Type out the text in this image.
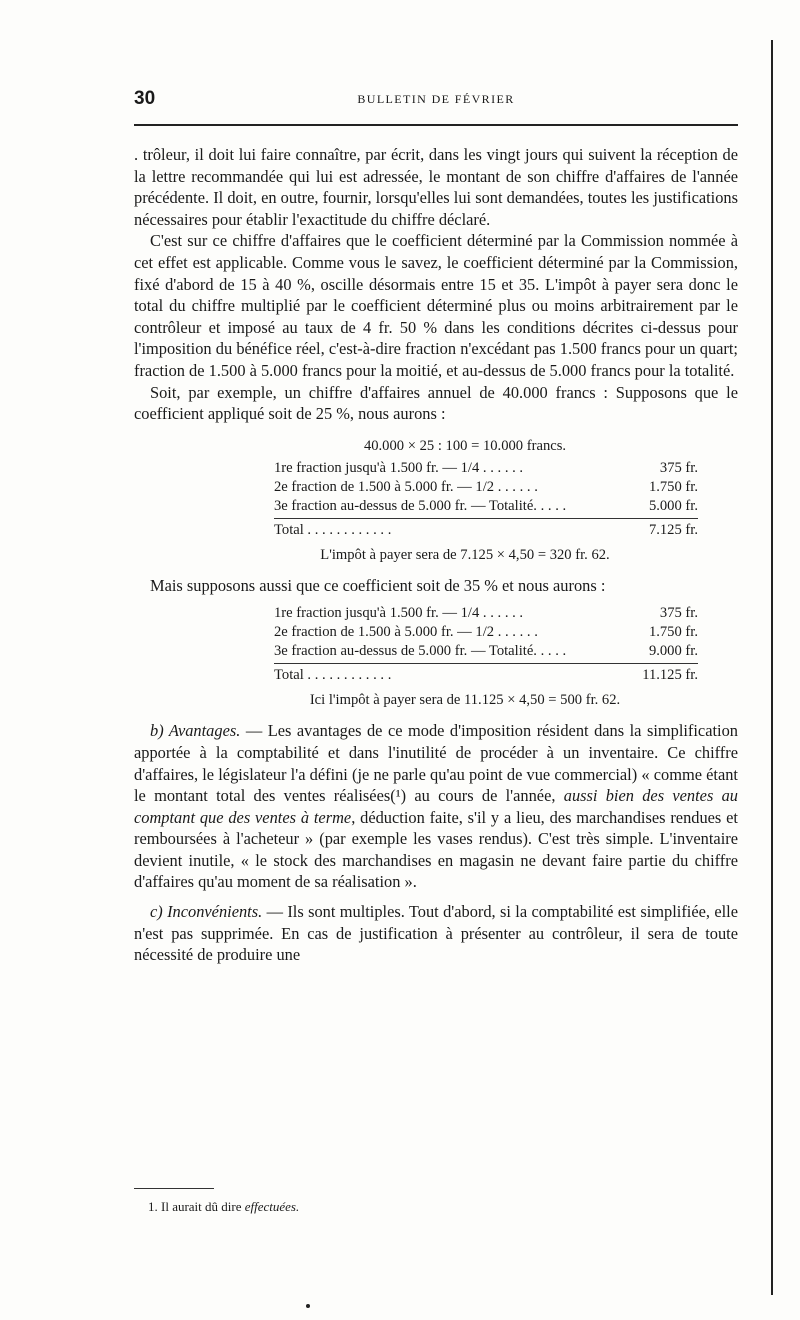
30	BULLETIN DE FÉVRIER

. trôleur, il doit lui faire connaître, par écrit, dans les vingt jours qui suivent la réception de la lettre recommandée qui lui est adressée, le montant de son chiffre d'affaires de l'année précédente. Il doit, en outre, fournir, lorsqu'elles lui sont demandées, toutes les justifications nécessaires pour établir l'exactitude du chiffre déclaré.

C'est sur ce chiffre d'affaires que le coefficient déterminé par la Commission nommée à cet effet est applicable. Comme vous le savez, le coefficient déterminé par la Commission, fixé d'abord de 15 à 40 %, oscille désormais entre 15 et 35. L'impôt à payer sera donc le total du chiffre multiplié par le coefficient déterminé plus ou moins arbitrairement par le contrôleur et imposé au taux de 4 fr. 50 % dans les conditions décrites ci-dessus pour l'imposition du bénéfice réel, c'est-à-dire fraction n'excédant pas 1.500 francs pour un quart; fraction de 1.500 à 5.000 francs pour la moitié, et au-dessus de 5.000 francs pour la totalité.

Soit, par exemple, un chiffre d'affaires annuel de 40.000 francs : Supposons que le coefficient appliqué soit de 25 %, nous aurons :

40.000 × 25 : 100 = 10.000 francs.
1re fraction jusqu'à 1.500 fr. — 1/4 . . . . . .	375 fr.
2e fraction de 1.500 à 5.000 fr. — 1/2 . . . . . .	1.750 fr.
3e fraction au-dessus de 5.000 fr. — Totalité. . . . .	5.000 fr.
Total . . . . . . . . . . . .	7.125 fr.
L'impôt à payer sera de 7.125 × 4,50 = 320 fr. 62.

Mais supposons aussi que ce coefficient soit de 35 % et nous aurons :

1re fraction jusqu'à 1.500 fr. — 1/4 . . . . . .	375 fr.
2e fraction de 1.500 à 5.000 fr. — 1/2 . . . . . .	1.750 fr.
3e fraction au-dessus de 5.000 fr. — Totalité. . . . .	9.000 fr.
Total . . . . . . . . . . . .	11.125 fr.
Ici l'impôt à payer sera de 11.125 × 4,50 = 500 fr. 62.

b) Avantages. — Les avantages de ce mode d'imposition résident dans la simplification apportée à la comptabilité et dans l'inutilité de procéder à un inventaire. Ce chiffre d'affaires, le législateur l'a défini (je ne parle qu'au point de vue commercial) « comme étant le montant total des ventes réalisées(¹) au cours de l'année, aussi bien des ventes au comptant que des ventes à terme, déduction faite, s'il y a lieu, des marchandises rendues et remboursées à l'acheteur » (par exemple les vases rendus). C'est très simple. L'inventaire devient inutile, « le stock des marchandises en magasin ne devant faire partie du chiffre d'affaires qu'au moment de sa réalisation ».

c) Inconvénients. — Ils sont multiples. Tout d'abord, si la comptabilité est simplifiée, elle n'est pas supprimée. En cas de justification à présenter au contrôleur, il sera de toute nécessité de produire une

1. Il aurait dû dire effectuées.
